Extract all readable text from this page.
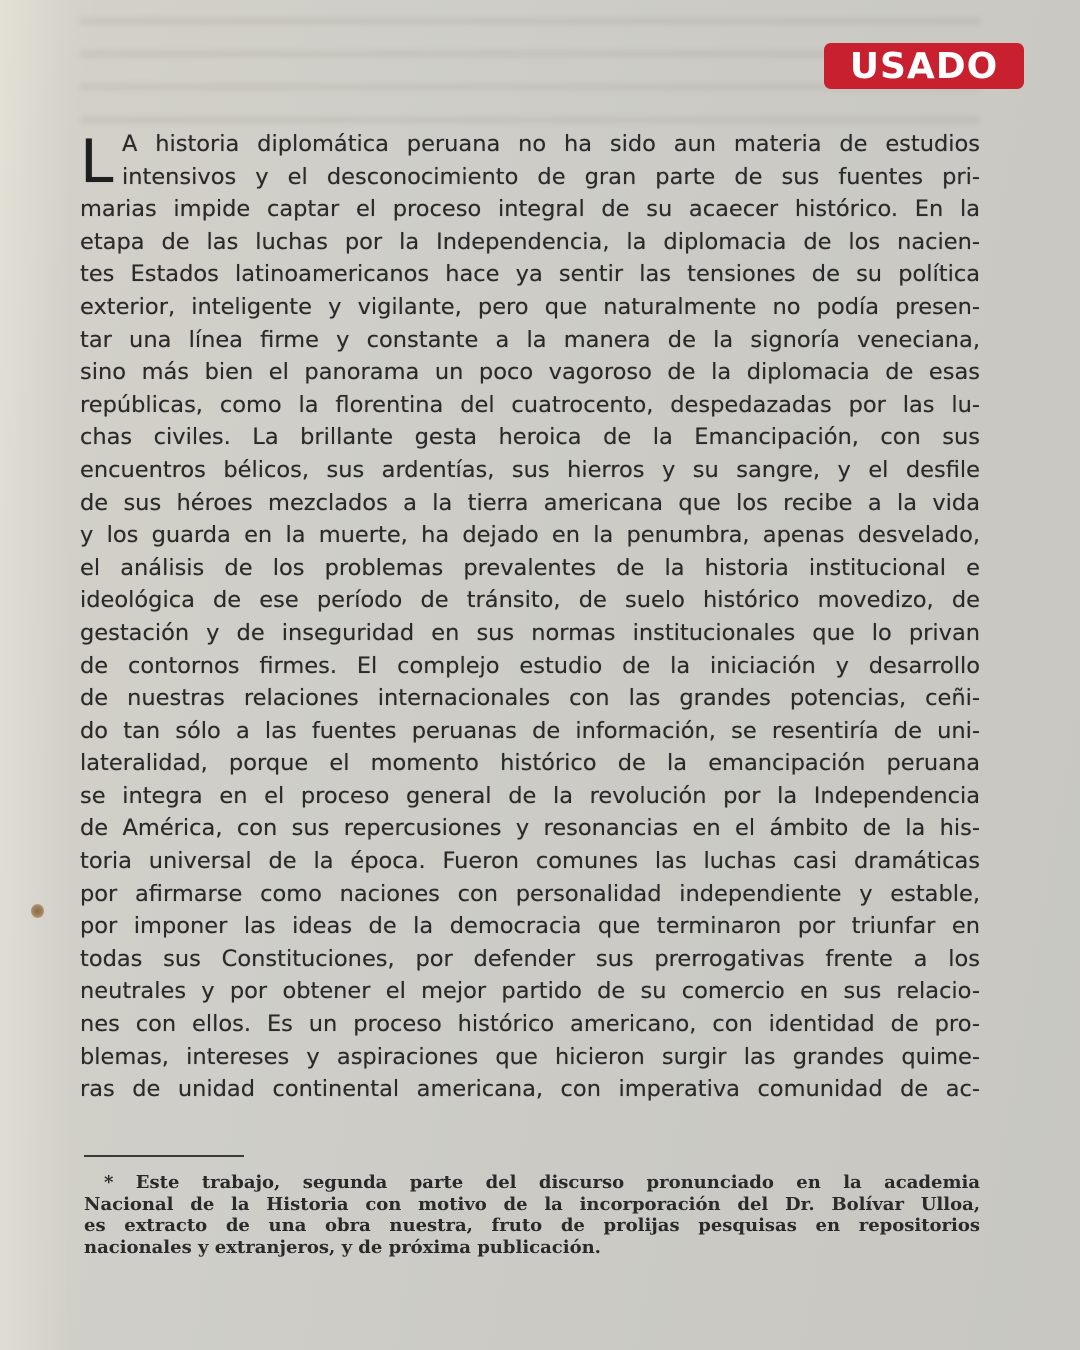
USADO
L A historia diplomática peruana no ha sido aun materia de estudios
intensivos y el desconocimiento de gran parte de sus fuentes pri-
marias impide captar el proceso integral de su acaecer histórico. En la
etapa de las luchas por la Independencia, la diplomacia de los nacien-
tes Estados latinoamericanos hace ya sentir las tensiones de su política
exterior, inteligente y vigilante, pero que naturalmente no podía presen-
tar una línea firme y constante a la manera de la signoría veneciana,
sino más bien el panorama un poco vagoroso de la diplomacia de esas
repúblicas, como la florentina del cuatrocento, despedazadas por las lu-
chas civiles. La brillante gesta heroica de la Emancipación, con sus
encuentros bélicos, sus ardentías, sus hierros y su sangre, y el desfile
de sus héroes mezclados a la tierra americana que los recibe a la vida
y los guarda en la muerte, ha dejado en la penumbra, apenas desvelado,
el análisis de los problemas prevalentes de la historia institucional e
ideológica de ese período de tránsito, de suelo histórico movedizo, de
gestación y de inseguridad en sus normas institucionales que lo privan
de contornos firmes. El complejo estudio de la iniciación y desarrollo
de nuestras relaciones internacionales con las grandes potencias, ceñi-
do tan sólo a las fuentes peruanas de información, se resentiría de uni-
lateralidad, porque el momento histórico de la emancipación peruana
se integra en el proceso general de la revolución por la Independencia
de América, con sus repercusiones y resonancias en el ámbito de la his-
toria universal de la época. Fueron comunes las luchas casi dramáticas
por afirmarse como naciones con personalidad independiente y estable,
por imponer las ideas de la democracia que terminaron por triunfar en
todas sus Constituciones, por defender sus prerrogativas frente a los
neutrales y por obtener el mejor partido de su comercio en sus relacio-
nes con ellos. Es un proceso histórico americano, con identidad de pro-
blemas, intereses y aspiraciones que hicieron surgir las grandes quime-
ras de unidad continental americana, con imperativa comunidad de ac-
* Este trabajo, segunda parte del discurso pronunciado en la academia
Nacional de la Historia con motivo de la incorporación del Dr. Bolívar Ulloa,
es extracto de una obra nuestra, fruto de prolijas pesquisas en repositorios
nacionales y extranjeros, y de próxima publicación.
